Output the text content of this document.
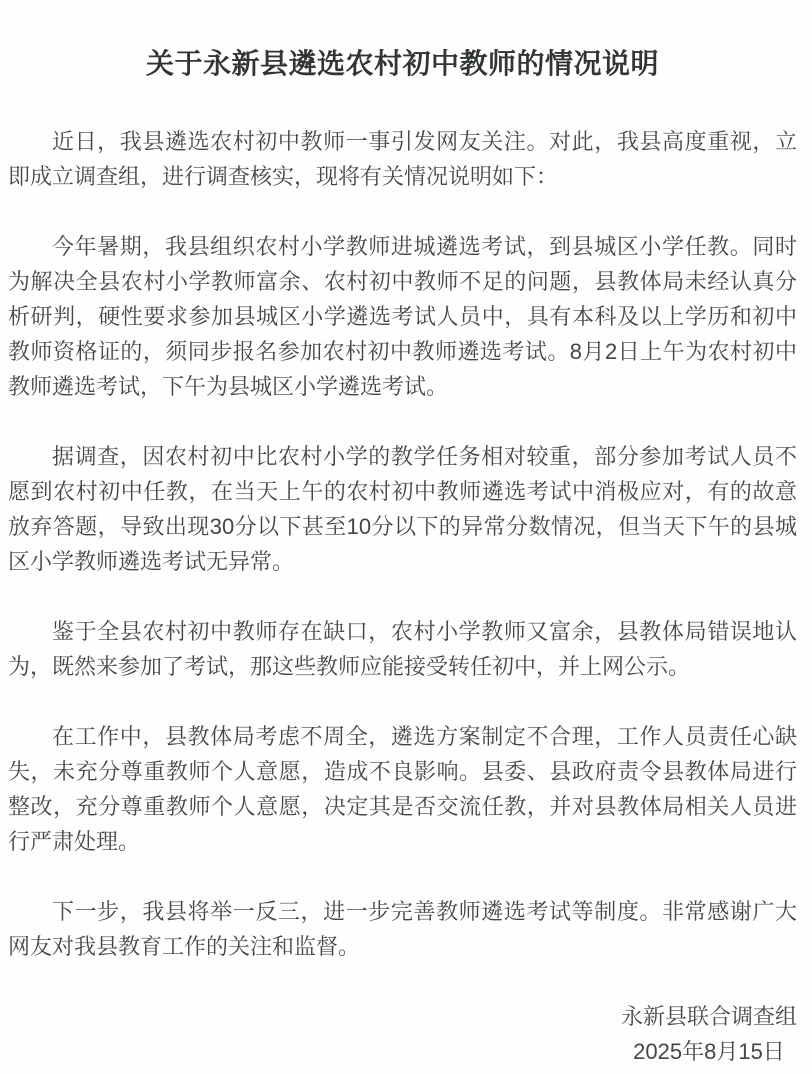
关于永新县遴选农村初中教师的情况说明

近日，我县遴选农村初中教师一事引发网友关注。对此，我县高度重视，立即成立调查组，进行调查核实，现将有关情况说明如下：

今年暑期，我县组织农村小学教师进城遴选考试，到县城区小学任教。同时为解决全县农村小学教师富余、农村初中教师不足的问题，县教体局未经认真分析研判，硬性要求参加县城区小学遴选考试人员中，具有本科及以上学历和初中教师资格证的，须同步报名参加农村初中教师遴选考试。8月2日上午为农村初中教师遴选考试，下午为县城区小学遴选考试。

据调查，因农村初中比农村小学的教学任务相对较重，部分参加考试人员不愿到农村初中任教，在当天上午的农村初中教师遴选考试中消极应对，有的故意放弃答题，导致出现30分以下甚至10分以下的异常分数情况，但当天下午的县城区小学教师遴选考试无异常。

鉴于全县农村初中教师存在缺口，农村小学教师又富余，县教体局错误地认为，既然来参加了考试，那这些教师应能接受转任初中，并上网公示。

在工作中，县教体局考虑不周全，遴选方案制定不合理，工作人员责任心缺失，未充分尊重教师个人意愿，造成不良影响。县委、县政府责令县教体局进行整改，充分尊重教师个人意愿，决定其是否交流任教，并对县教体局相关人员进行严肃处理。

下一步，我县将举一反三，进一步完善教师遴选考试等制度。非常感谢广大网友对我县教育工作的关注和监督。

永新县联合调查组

2025年8月15日
